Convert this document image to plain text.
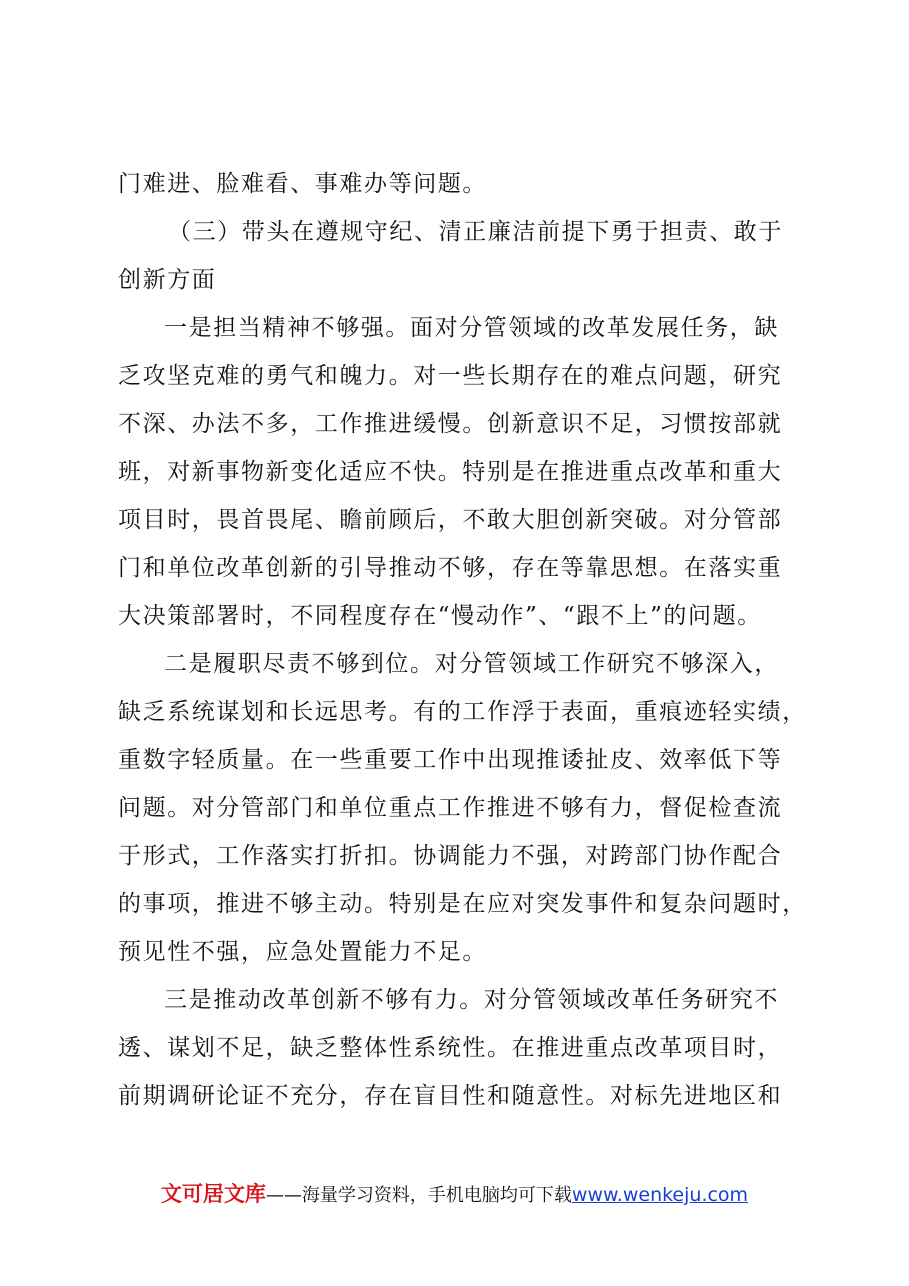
门难进、脸难看、事难办等问题。
（三）带头在遵规守纪、清正廉洁前提下勇于担责、敢于
创新方面
一是担当精神不够强。面对分管领域的改革发展任务，缺
乏攻坚克难的勇气和魄力。对一些长期存在的难点问题，研究
不深、办法不多，工作推进缓慢。创新意识不足，习惯按部就
班，对新事物新变化适应不快。特别是在推进重点改革和重大
项目时，畏首畏尾、瞻前顾后，不敢大胆创新突破。对分管部
门和单位改革创新的引导推动不够，存在等靠思想。在落实重
大决策部署时，不同程度存在“慢动作”、“跟不上”的问题。
二是履职尽责不够到位。对分管领域工作研究不够深入，
缺乏系统谋划和长远思考。有的工作浮于表面，重痕迹轻实绩，
重数字轻质量。在一些重要工作中出现推诿扯皮、效率低下等
问题。对分管部门和单位重点工作推进不够有力，督促检查流
于形式，工作落实打折扣。协调能力不强，对跨部门协作配合
的事项，推进不够主动。特别是在应对突发事件和复杂问题时，
预见性不强，应急处置能力不足。
三是推动改革创新不够有力。对分管领域改革任务研究不
透、谋划不足，缺乏整体性系统性。在推进重点改革项目时，
前期调研论证不充分，存在盲目性和随意性。对标先进地区和
文可居文库——海量学习资料，手机电脑均可下载www.wenkeju.com
